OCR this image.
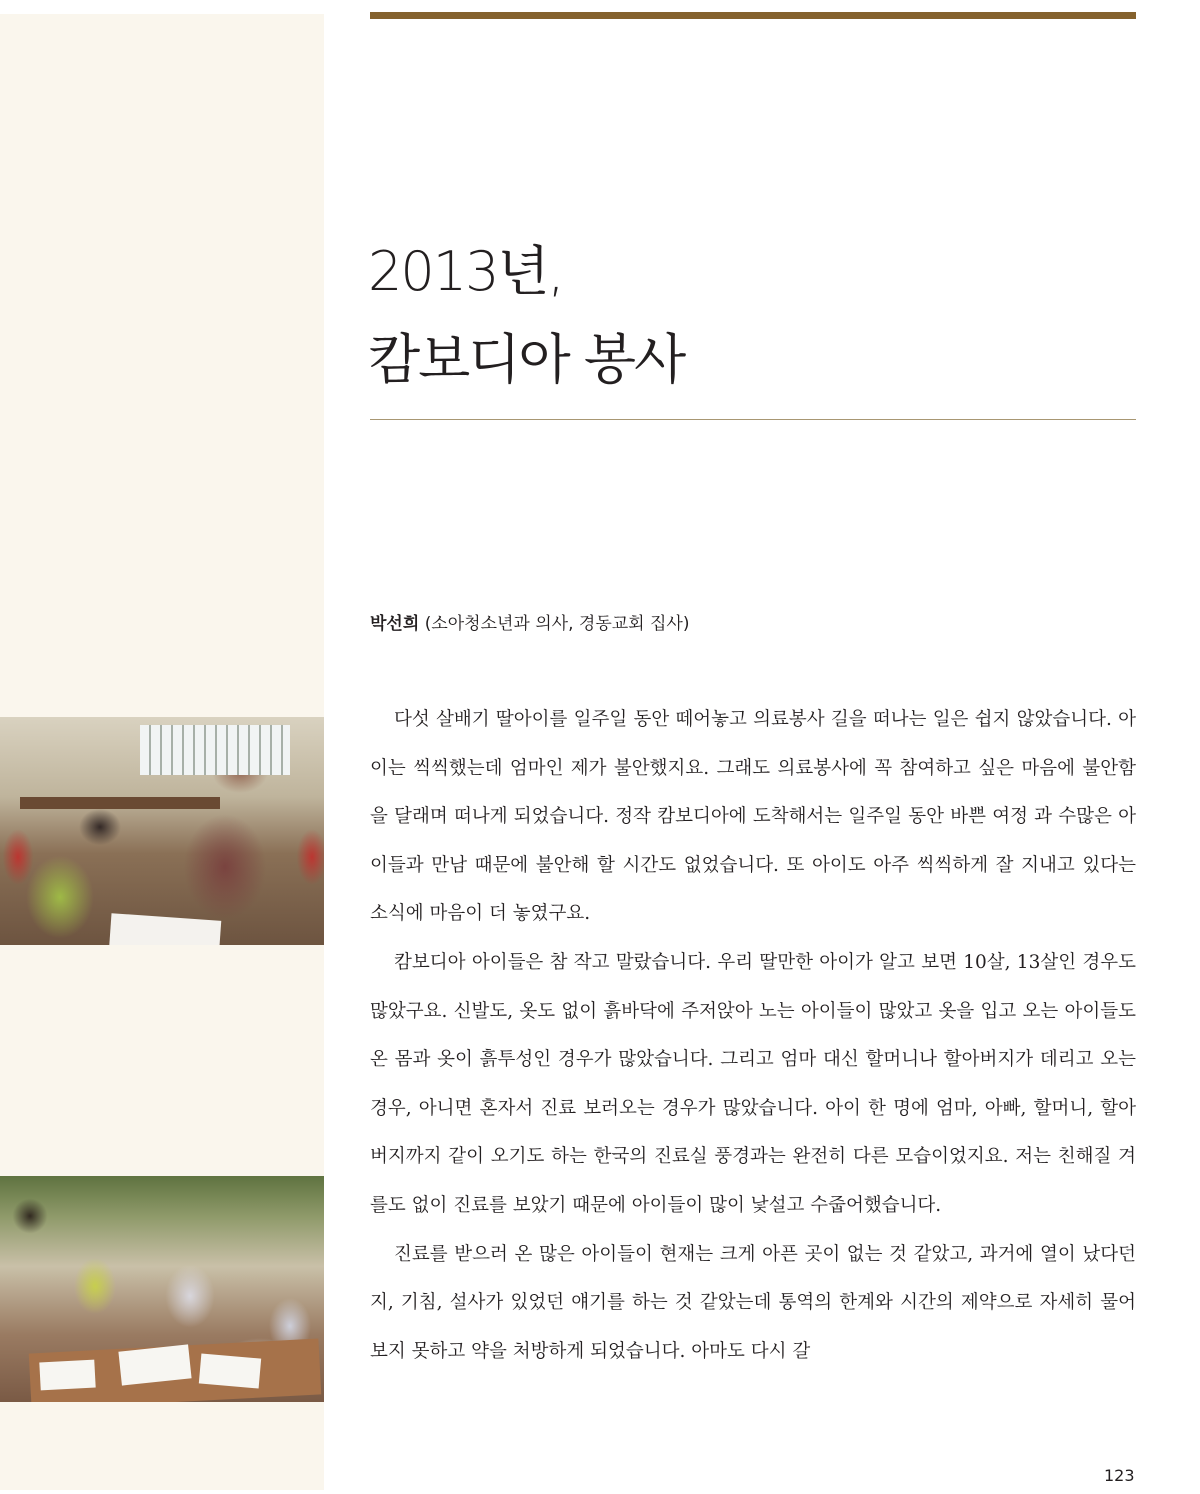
2013년,
캄보디아 봉사
박선희 (소아청소년과 의사, 경동교회 집사)

다섯 살배기 딸아이를 일주일 동안 떼어놓고 의료봉사 길을 떠나는 일은 쉽지 않았습니다. 아이는 씩씩했는데 엄마인 제가 불안했지요. 그래도 의료봉사에 꼭 참여하고 싶은 마음에 불안함을 달래며 떠나게 되었습니다. 정작 캄보디아에 도착해서는 일주일 동안 바쁜 여정 과 수많은 아이들과 만남 때문에 불안해 할 시간도 없었습니다. 또 아이도 아주 씩씩하게 잘 지내고 있다는 소식에 마음이 더 놓였구요.

캄보디아 아이들은 참 작고 말랐습니다. 우리 딸만한 아이가 알고 보면 10살, 13살인 경우도 많았구요. 신발도, 옷도 없이 흙바닥에 주저앉아 노는 아이들이 많았고 옷을 입고 오는 아이들도 온 몸과 옷이 흙투성인 경우가 많았습니다. 그리고 엄마 대신 할머니나 할아버지가 데리고 오는 경우, 아니면 혼자서 진료 보러오는 경우가 많았습니다. 아이 한 명에 엄마, 아빠, 할머니, 할아버지까지 같이 오기도 하는 한국의 진료실 풍경과는 완전히 다른 모습이었지요. 저는 친해질 겨를도 없이 진료를 보았기 때문에 아이들이 많이 낯설고 수줍어했습니다.

진료를 받으러 온 많은 아이들이 현재는 크게 아픈 곳이 없는 것 같았고, 과거에 열이 났다던지, 기침, 설사가 있었던 얘기를 하는 것 같았는데 통역의 한계와 시간의 제약으로 자세히 물어보지 못하고 약을 처방하게 되었습니다. 아마도 다시 갈

123
